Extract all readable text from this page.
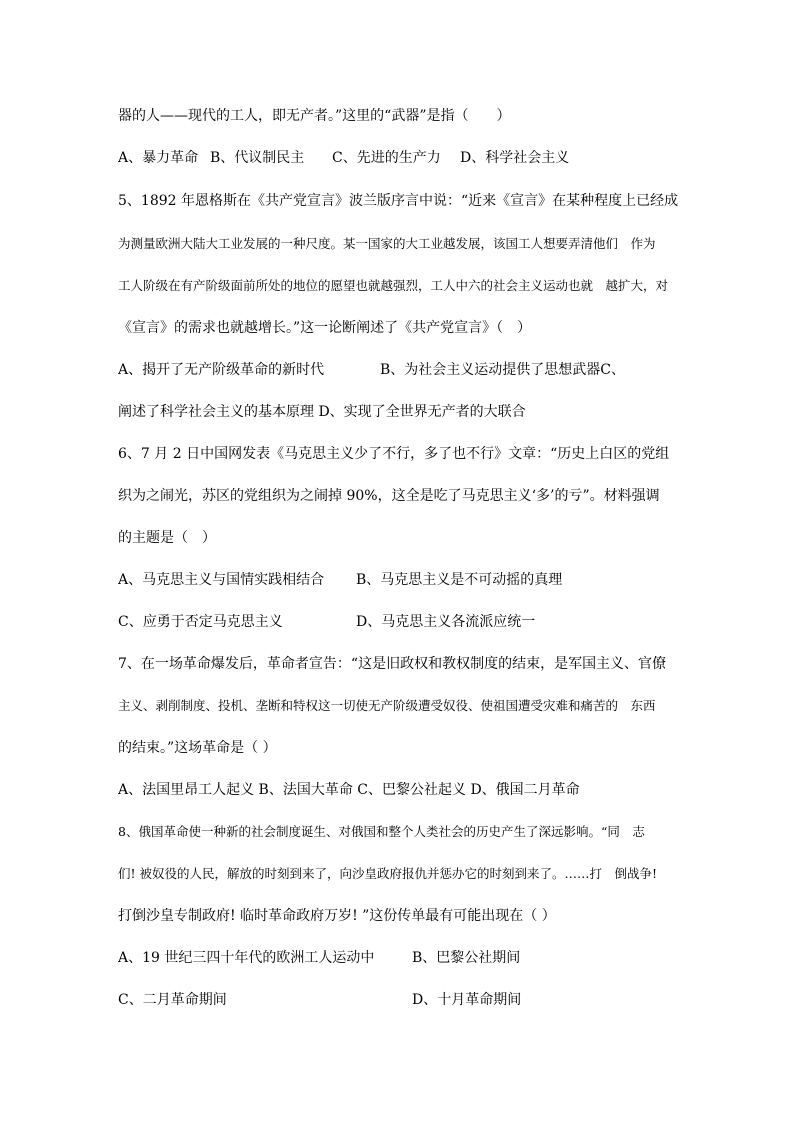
器的人——现代的工人，即无产者。”这里的“武器”是指（　　）
A、暴力革命 B、代议制民主 C、先进的生产力 D、科学社会主义
5、1892 年恩格斯在《共产党宣言》波兰版序言中说：“近来《宣言》在某种程度上已经成
为测量欧洲大陆大工业发展的一种尺度。某一国家的大工业越发展，该国工人想要弄清他们　作为
工人阶级在有产阶级面前所处的地位的愿望也就越强烈，工人中六的社会主义运动也就　越扩大，对
《宣言》的需求也就越增长。”这一论断阐述了《共产党宣言》（　）
A、揭开了无产阶级革命的新时代	B、为社会主义运动提供了思想武器C、
阐述了科学社会主义的基本原理 D、实现了全世界无产者的大联合
6、7 月 2 日中国网发表《马克思主义少了不行，多了也不行》文章：“历史上白区的党组
织为之闹光，苏区的党组织为之闹掉 90%，这全是吃了马克思主义‘多’的亏”。材料强调
的主题是（　）
A、马克思主义与国情实践相结合 B、马克思主义是不可动摇的真理
C、应勇于否定马克思主义	D、马克思主义各流派应统一
7、在一场革命爆发后，革命者宣告：“这是旧政权和教权制度的结束，是军国主义、官僚
主义、剥削制度、投机、垄断和特权这一切使无产阶级遭受奴役、使祖国遭受灾难和痛苦的　东西
的结束。”这场革命是（ ）
A、法国里昂工人起义 B、法国大革命 C、巴黎公社起义 D、俄国二月革命
8、俄国革命使一种新的社会制度诞生、对俄国和整个人类社会的历史产生了深远影响。“同　志
们! 被奴役的人民，解放的时刻到来了，向沙皇政府报仇并惩办它的时刻到来了。……打　倒战争!
打倒沙皇专制政府! 临时革命政府万岁! ”这份传单最有可能出现在（ ）
A、19 世纪三四十年代的欧洲工人运动中	B、巴黎公社期间
C、二月革命期间	D、十月革命期间
